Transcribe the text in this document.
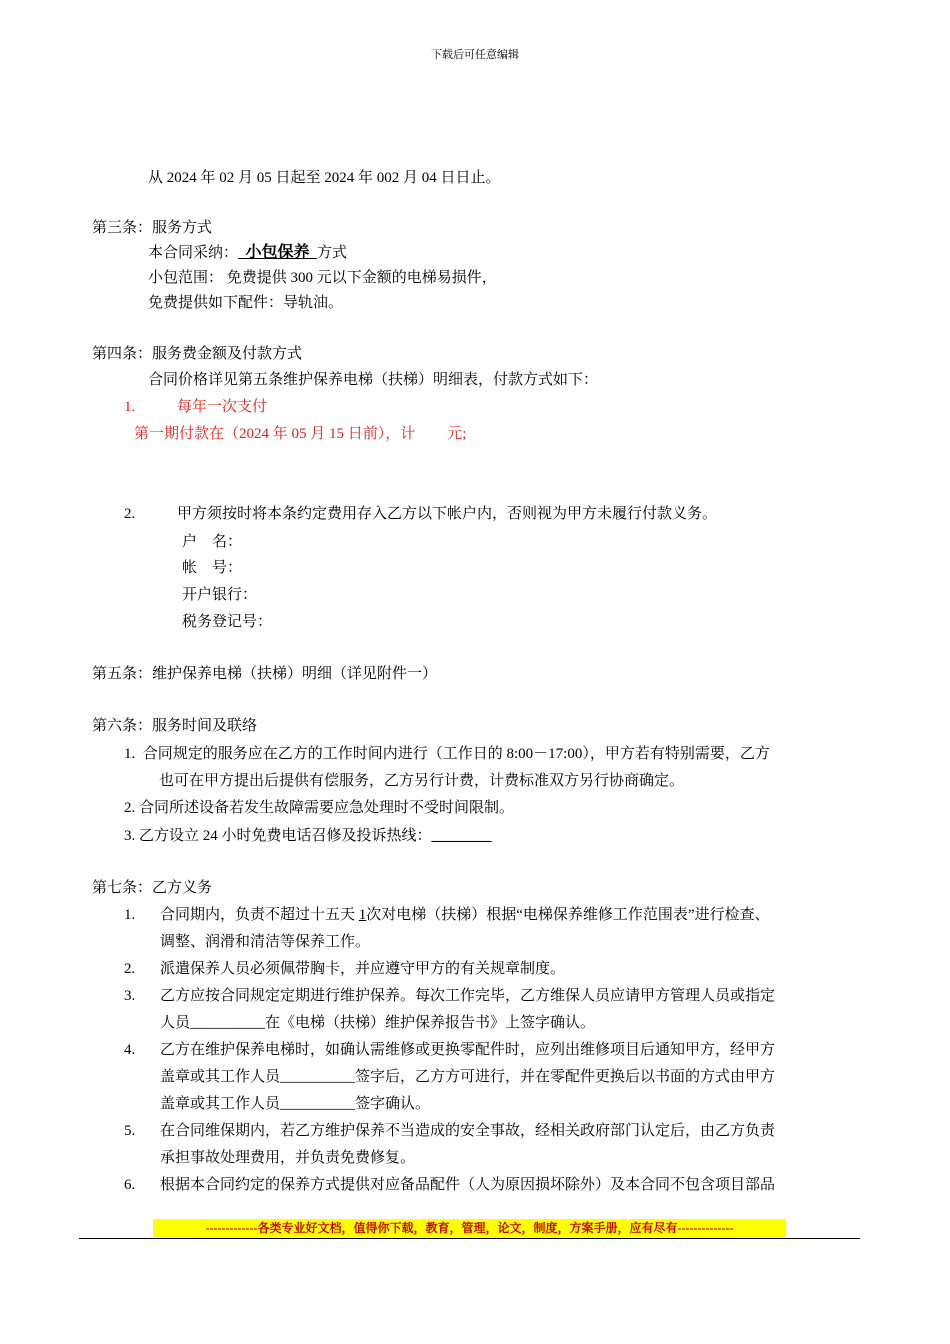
下载后可任意编辑
从 2024 年 02 月 05 日起至 2024 年 002 月 04 日日止。
第三条：服务方式
本合同采纳： 小包保养 方式
小包范围： 免费提供 300 元以下金额的电梯易损件，
免费提供如下配件：导轨油。
第四条：服务费金额及付款方式
合同价格详见第五条维护保养电梯（扶梯）明细表，付款方式如下：
1.	每年一次支付
第一期付款在（2024 年 05 月 15 日前），计 元;
2.	甲方须按时将本条约定费用存入乙方以下帐户内，否则视为甲方未履行付款义务。
户    名：
帐    号：
开户银行：
税务登记号：
第五条：维护保养电梯（扶梯）明细（详见附件一）
第六条：服务时间及联络
1.  合同规定的服务应在乙方的工作时间内进行（工作日的 8:00－17:00），甲方若有特别需要，乙方
也可在甲方提出后提供有偿服务，乙方另行计费，计费标准双方另行协商确定。
2. 合同所述设备若发生故障需要应急处理时不受时间限制。
3. 乙方设立 24 小时免费电话召修及投诉热线：________
第七条：乙方义务
1. 合同期内，负责不超过十五天 1次对电梯（扶梯）根据“电梯保养维修工作范围表”进行检查、
调整、润滑和清洁等保养工作。
2. 派遣保养人员必须佩带胸卡，并应遵守甲方的有关规章制度。
3. 乙方应按合同规定定期进行维护保养。每次工作完毕，乙方维保人员应请甲方管理人员或指定
人员__________在《电梯（扶梯）维护保养报告书》上签字确认。
4. 乙方在维护保养电梯时，如确认需维修或更换零配件时，应列出维修项目后通知甲方，经甲方
盖章或其工作人员__________签字后，乙方方可进行，并在零配件更换后以书面的方式由甲方
盖章或其工作人员__________签字确认。
5. 在合同维保期内，若乙方维护保养不当造成的安全事故，经相关政府部门认定后，由乙方负责
承担事故处理费用，并负责免费修复。
6. 根据本合同约定的保养方式提供对应备品配件（人为原因损坏除外）及本合同不包含项目部品
-------------各类专业好文档，值得你下载，教育，管理，论文，制度，方案手册，应有尽有--------------
